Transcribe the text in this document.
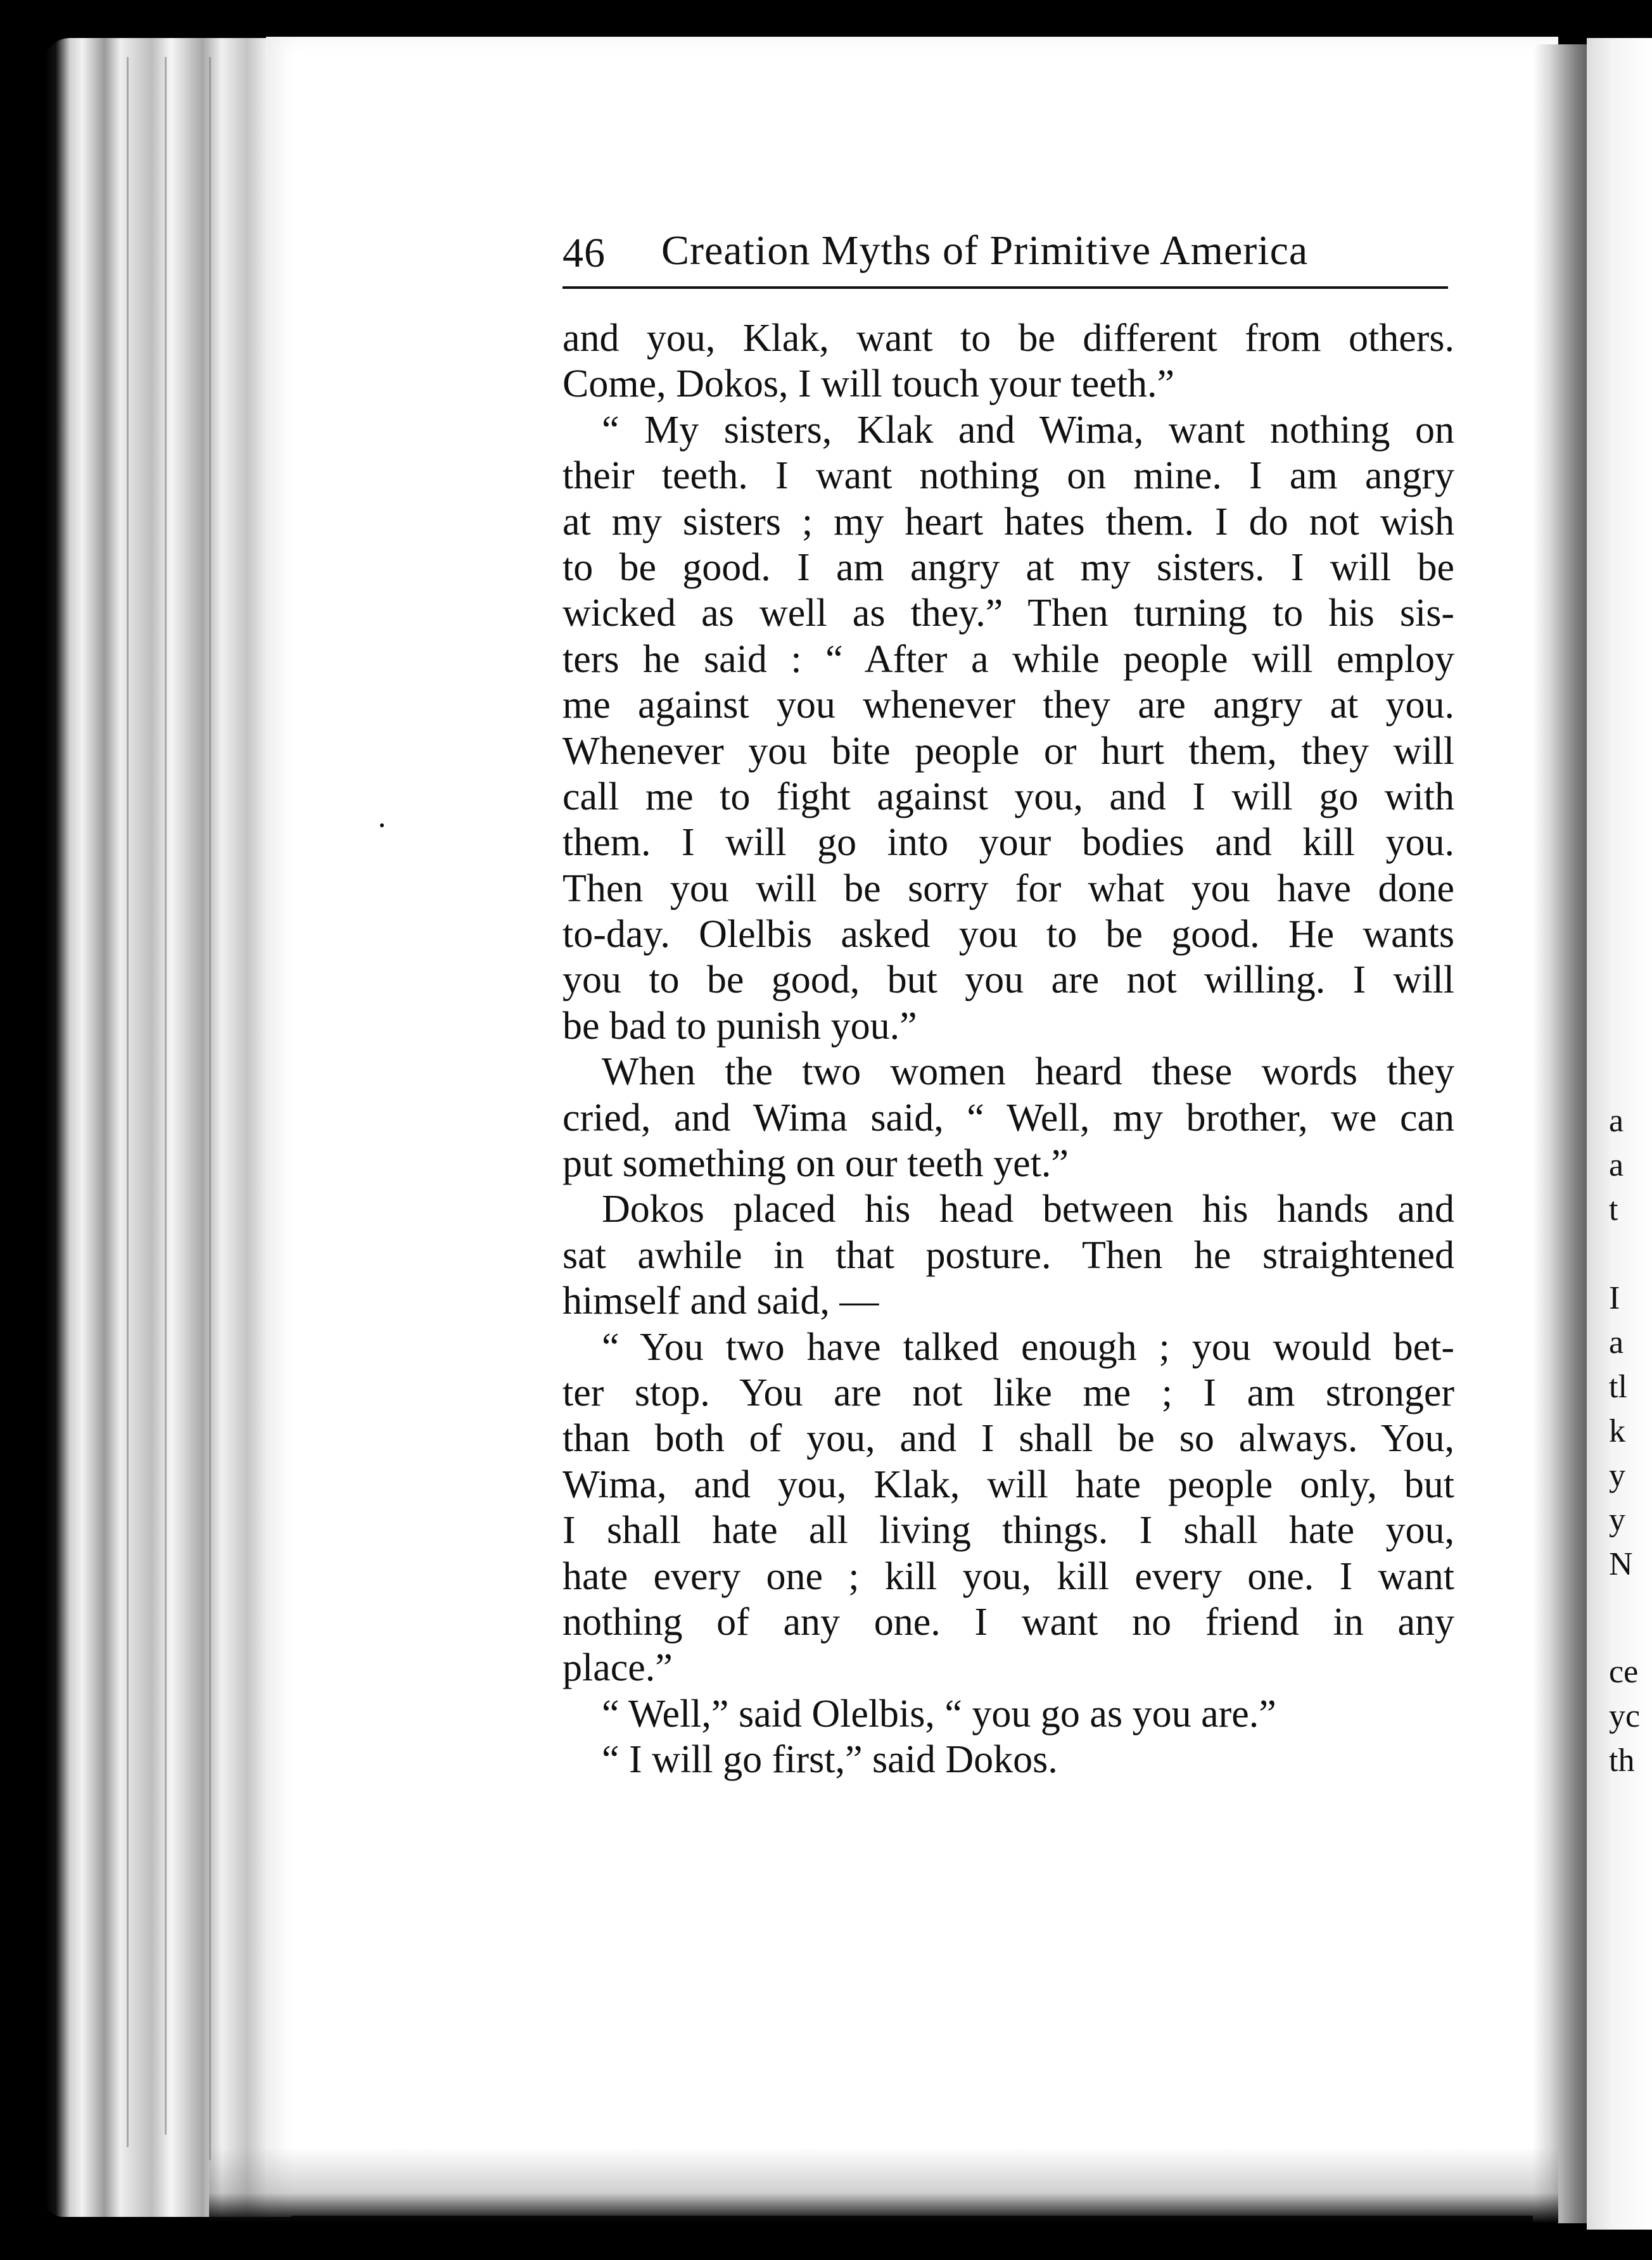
a
a
t
I
a
tl
k
y
y
N
ce
yc
th
46 Creation Myths of Primitive America
and you, Klak, want to be different from others.
Come, Dokos, I will touch your teeth.”
“ My sisters, Klak and Wima, want nothing on
their teeth. I want nothing on mine. I am angry
at my sisters ; my heart hates them. I do not wish
to be good. I am angry at my sisters. I will be
wicked as well as they.” Then turning to his sis-
ters he said : “ After a while people will employ
me against you whenever they are angry at you.
Whenever you bite people or hurt them, they will
call me to fight against you, and I will go with
them. I will go into your bodies and kill you.
Then you will be sorry for what you have done
to-day. Olelbis asked you to be good. He wants
you to be good, but you are not willing. I will
be bad to punish you.”
When the two women heard these words they
cried, and Wima said, “ Well, my brother, we can
put something on our teeth yet.”
Dokos placed his head between his hands and
sat awhile in that posture. Then he straightened
himself and said, —
“ You two have talked enough ; you would bet-
ter stop. You are not like me ; I am stronger
than both of you, and I shall be so always. You,
Wima, and you, Klak, will hate people only, but
I shall hate all living things. I shall hate you,
hate every one ; kill you, kill every one. I want
nothing of any one. I want no friend in any
place.”
“ Well,” said Olelbis, “ you go as you are.”
“ I will go first,” said Dokos.
